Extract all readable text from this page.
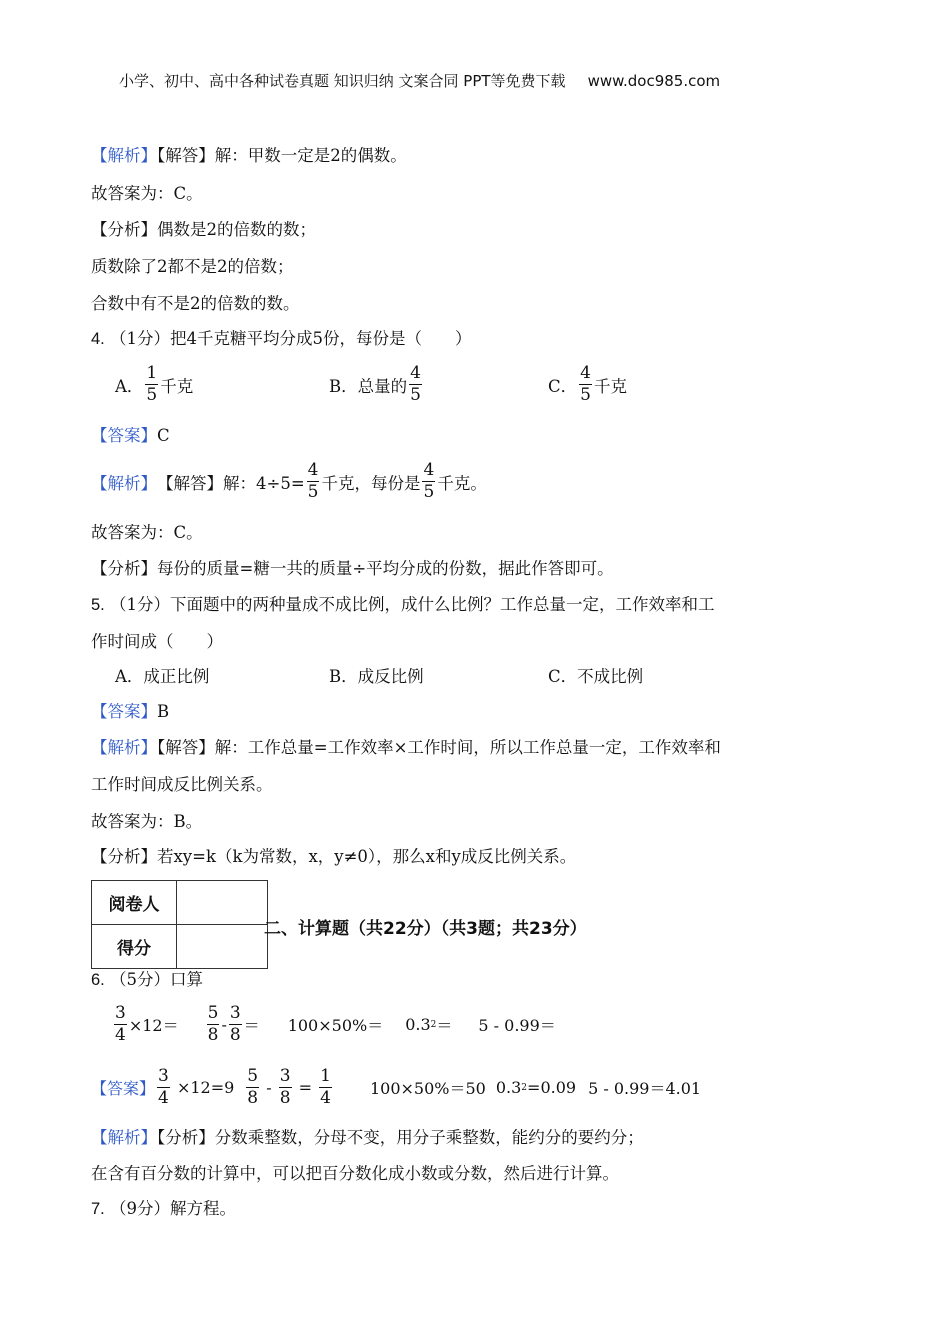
小学、初中、高中各种试卷真题 知识归纳 文案合同 PPT等免费下载 www.doc985.com
【解析】【解答】解：甲数一定是2的偶数。
故答案为：C。
【分析】偶数是2的倍数的数；
质数除了2都不是2的倍数；
合数中有不是2的倍数的数。
4. （1分）把4千克糖平均分成5份，每份是（　　）
A． $\frac{1}{5}$ 千克	B．总量的 $\frac{4}{5}$	C． $\frac{4}{5}$ 千克
【答案】C
【解析】 【解答】 解：$4\div 5= \frac{4}{5}$ 千克，每份是 $\frac{4}{5}$ 千克。
故答案为：C。
【分析】每份的质量=糖一共的质量÷平均分成的份数，据此作答即可。
5. （1分）下面题中的两种量成不成比例，成什么比例？工作总量一定，工作效率和工
作时间成（　　）
A．成正比例	B．成反比例	C．不成比例
【答案】B
【解析】【解答】解：工作总量=工作效率×工作时间，所以工作总量一定，工作效率和
工作时间成反比例关系。
故答案为：B。
【分析】若xy=k（k为常数，x，y≠0），那么x和y成反比例关系。
阅卷人	
得分	
二、计算题（共22分）（共3题；共23分）
6. （5分）口算
$\frac{3}{4} \times 12= \frac{5}{8} - \frac{3}{8} = 100\times 50\%= 0.3$ 2 ＝ 5 - 0.99＝
【答案】 $\frac{3}{4}$
$\times 12=9 \frac{5}{8}$
-
$\frac{3}{8}$
=
$\frac{1}{4} 100\times 50\%=50$ 0.3 2 =0.09 5 - 0.99＝4.01
【解析】【分析】分数乘整数，分母不变，用分子乘整数，能约分的要约分；
在含有百分数的计算中，可以把百分数化成小数或分数，然后进行计算。
7. （9分）解方程。
